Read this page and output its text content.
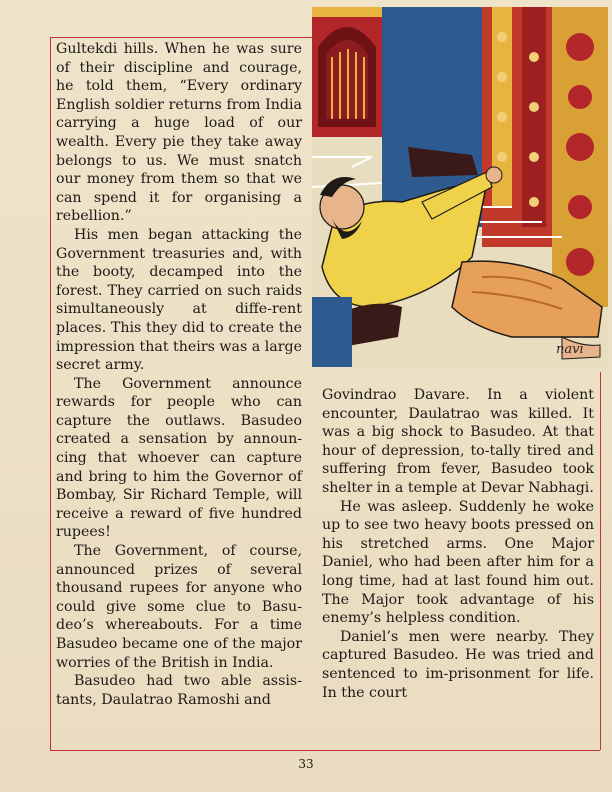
Gultekdi hills. When he was sure of their discipline and courage, he told them, “Every ordinary English soldier returns from India carrying a huge load of our wealth. Every pie they take away belongs to us. We must snatch our money from them so that we can spend it for organising a rebellion.”

His men began attacking the Government treasuries and, with the booty, decamped into the forest. They carried on such raids simultaneously at diffe-rent places. This they did to create the impression that theirs was a large secret army.

The Government announce rewards for people who can capture the outlaws. Basudeo created a sensation by announ-cing that whoever can capture and bring to him the Governor of Bombay, Sir Richard Temple, will receive a reward of five hundred rupees!

The Government, of course, announced prizes of several thousand rupees for anyone who could give some clue to Basu-deo’s whereabouts. For a time Basudeo became one of the major worries of the British in India.

Basudeo had two able assis-tants, Daulatrao Ramoshi and

Govindrao Davare. In a violent encounter, Daulatrao was killed. It was a big shock to Basudeo. At that hour of depression, to-tally tired and suffering from fever, Basudeo took shelter in a temple at Devar Nabhagi.

He was asleep. Suddenly he woke up to see two heavy boots pressed on his stretched arms. One Major Daniel, who had been after him for a long time, had at last found him out. The Major took advantage of his enemy’s helpless condition.

Daniel’s men were nearby. They captured Basudeo. He was tried and sentenced to im-prisonment for life. In the court

navi
33
